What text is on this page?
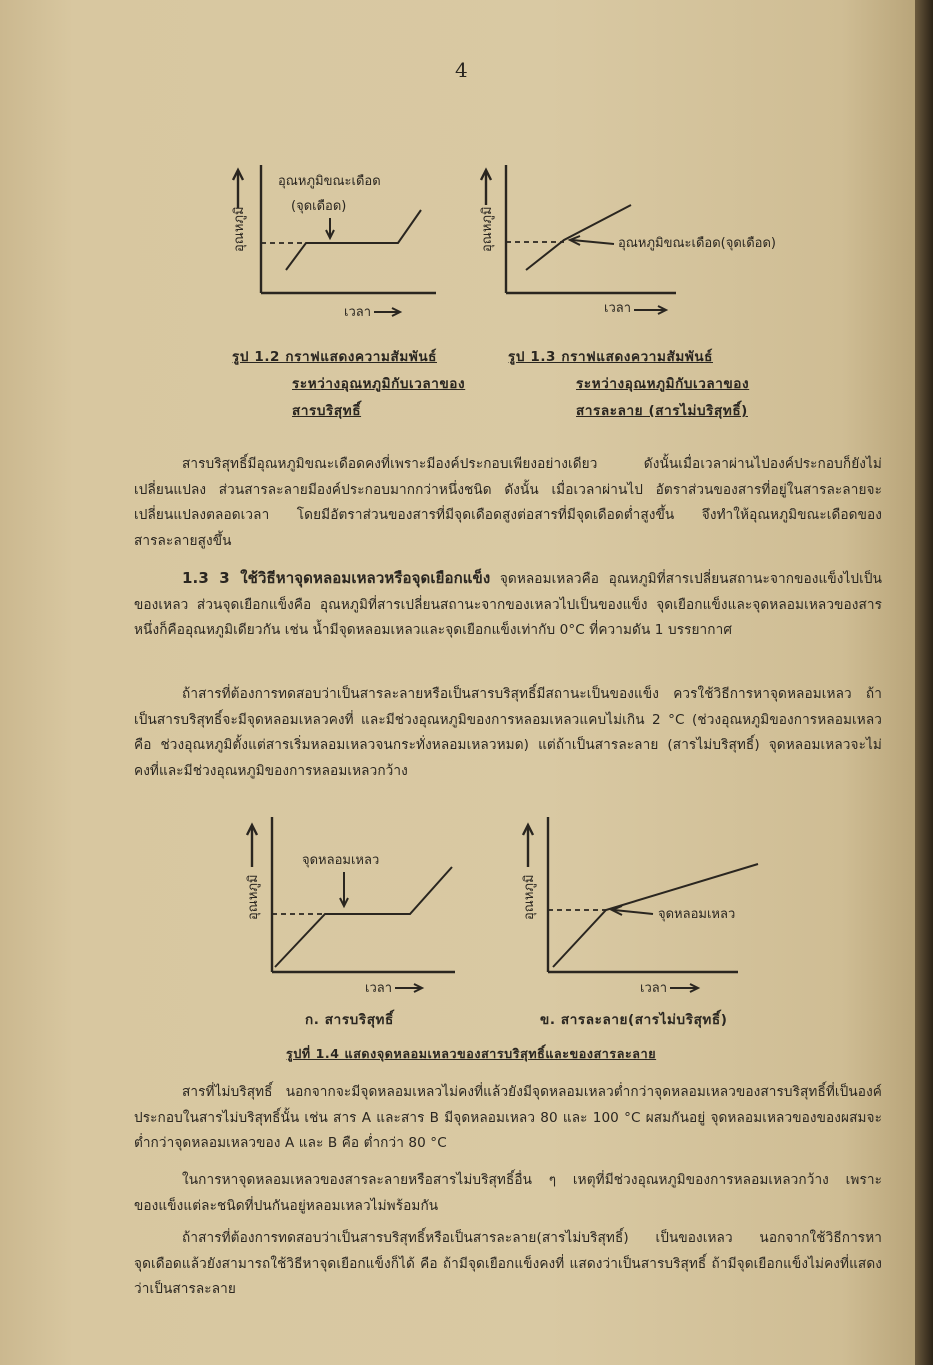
4
อุณหภูมิ
อุณหภูมิขณะเดือด
(จุดเดือด)
เวลา
อุณหภูมิ	อุณหภูมิขณะเดือด(จุดเดือด)
เวลา
รูป 1.2 กราฟแสดงความสัมพันธ์
ระหว่างอุณหภูมิกับเวลาของ
สารบริสุทธิ์
รูป 1.3 กราฟแสดงความสัมพันธ์
ระหว่างอุณหภูมิกับเวลาของ
สารละลาย (สารไม่บริสุทธิ์)
สารบริสุทธิ์มีอุณหภูมิขณะเดือดคงที่เพราะมีองค์ประกอบเพียงอย่างเดียว ดังนั้นเมื่อเวลาผ่านไปองค์ประกอบก็ยังไม่เปลี่ยนแปลง ส่วนสารละลายมีองค์ประกอบมากกว่าหนึ่งชนิด ดังนั้น เมื่อเวลาผ่านไป อัตราส่วนของสารที่อยู่ในสารละลายจะเปลี่ยนแปลงตลอดเวลา โดยมีอัตราส่วนของสารที่มีจุดเดือดสูงต่อสารที่มีจุดเดือดต่ำสูงขึ้น จึงทำให้อุณหภูมิขณะเดือดของสารละลายสูงขึ้น
1.3 3 ใช้วิธีหาจุดหลอมเหลวหรือจุดเยือกแข็ง จุดหลอมเหลวคือ อุณหภูมิที่สารเปลี่ยนสถานะจากของแข็งไปเป็นของเหลว ส่วนจุดเยือกแข็งคือ อุณหภูมิที่สารเปลี่ยนสถานะจากของเหลวไปเป็นของแข็ง จุดเยือกแข็งและจุดหลอมเหลวของสารหนึ่งก็คืออุณหภูมิเดียวกัน เช่น น้ำมีจุดหลอมเหลวและจุดเยือกแข็งเท่ากับ 0°C ที่ความดัน 1 บรรยากาศ
ถ้าสารที่ต้องการทดสอบว่าเป็นสารละลายหรือเป็นสารบริสุทธิ์มีสถานะเป็นของแข็ง ควรใช้วิธีการหาจุดหลอมเหลว ถ้าเป็นสารบริสุทธิ์จะมีจุดหลอมเหลวคงที่ และมีช่วงอุณหภูมิของการหลอมเหลวแคบไม่เกิน 2 °C (ช่วงอุณหภูมิของการหลอมเหลวคือ ช่วงอุณหภูมิตั้งแต่สารเริ่มหลอมเหลวจนกระทั่งหลอมเหลวหมด) แต่ถ้าเป็นสารละลาย (สารไม่บริสุทธิ์) จุดหลอมเหลวจะไม่คงที่และมีช่วงอุณหภูมิของการหลอมเหลวกว้าง
อุณหภูมิ
จุดหลอมเหลว
เวลา
อุณหภูมิ	จุดหลอมเหลว
เวลา
ก. สารบริสุทธิ์	ข. สารละลาย(สารไม่บริสุทธิ์)
รูปที่ 1.4 แสดงจุดหลอมเหลวของสารบริสุทธิ์และของสารละลาย
สารที่ไม่บริสุทธิ์ นอกจากจะมีจุดหลอมเหลวไม่คงที่แล้วยังมีจุดหลอมเหลวต่ำกว่าจุดหลอมเหลวของสารบริสุทธิ์ที่เป็นองค์ประกอบในสารไม่บริสุทธิ์นั้น เช่น สาร A และสาร B มีจุดหลอมเหลว 80 และ 100 °C ผสมกันอยู่ จุดหลอมเหลวของของผสมจะต่ำกว่าจุดหลอมเหลวของ A และ B คือ ต่ำกว่า 80 °C
ในการหาจุดหลอมเหลวของสารละลายหรือสารไม่บริสุทธิ์อื่น ๆ เหตุที่มีช่วงอุณหภูมิของการหลอมเหลวกว้าง เพราะของแข็งแต่ละชนิดที่ปนกันอยู่หลอมเหลวไม่พร้อมกัน
ถ้าสารที่ต้องการทดสอบว่าเป็นสารบริสุทธิ์หรือเป็นสารละลาย(สารไม่บริสุทธิ์) เป็นของเหลว นอกจากใช้วิธีการหาจุดเดือดแล้วยังสามารถใช้วิธีหาจุดเยือกแข็งก็ได้ คือ ถ้ามีจุดเยือกแข็งคงที่ แสดงว่าเป็นสารบริสุทธิ์ ถ้ามีจุดเยือกแข็งไม่คงที่แสดงว่าเป็นสารละลาย
